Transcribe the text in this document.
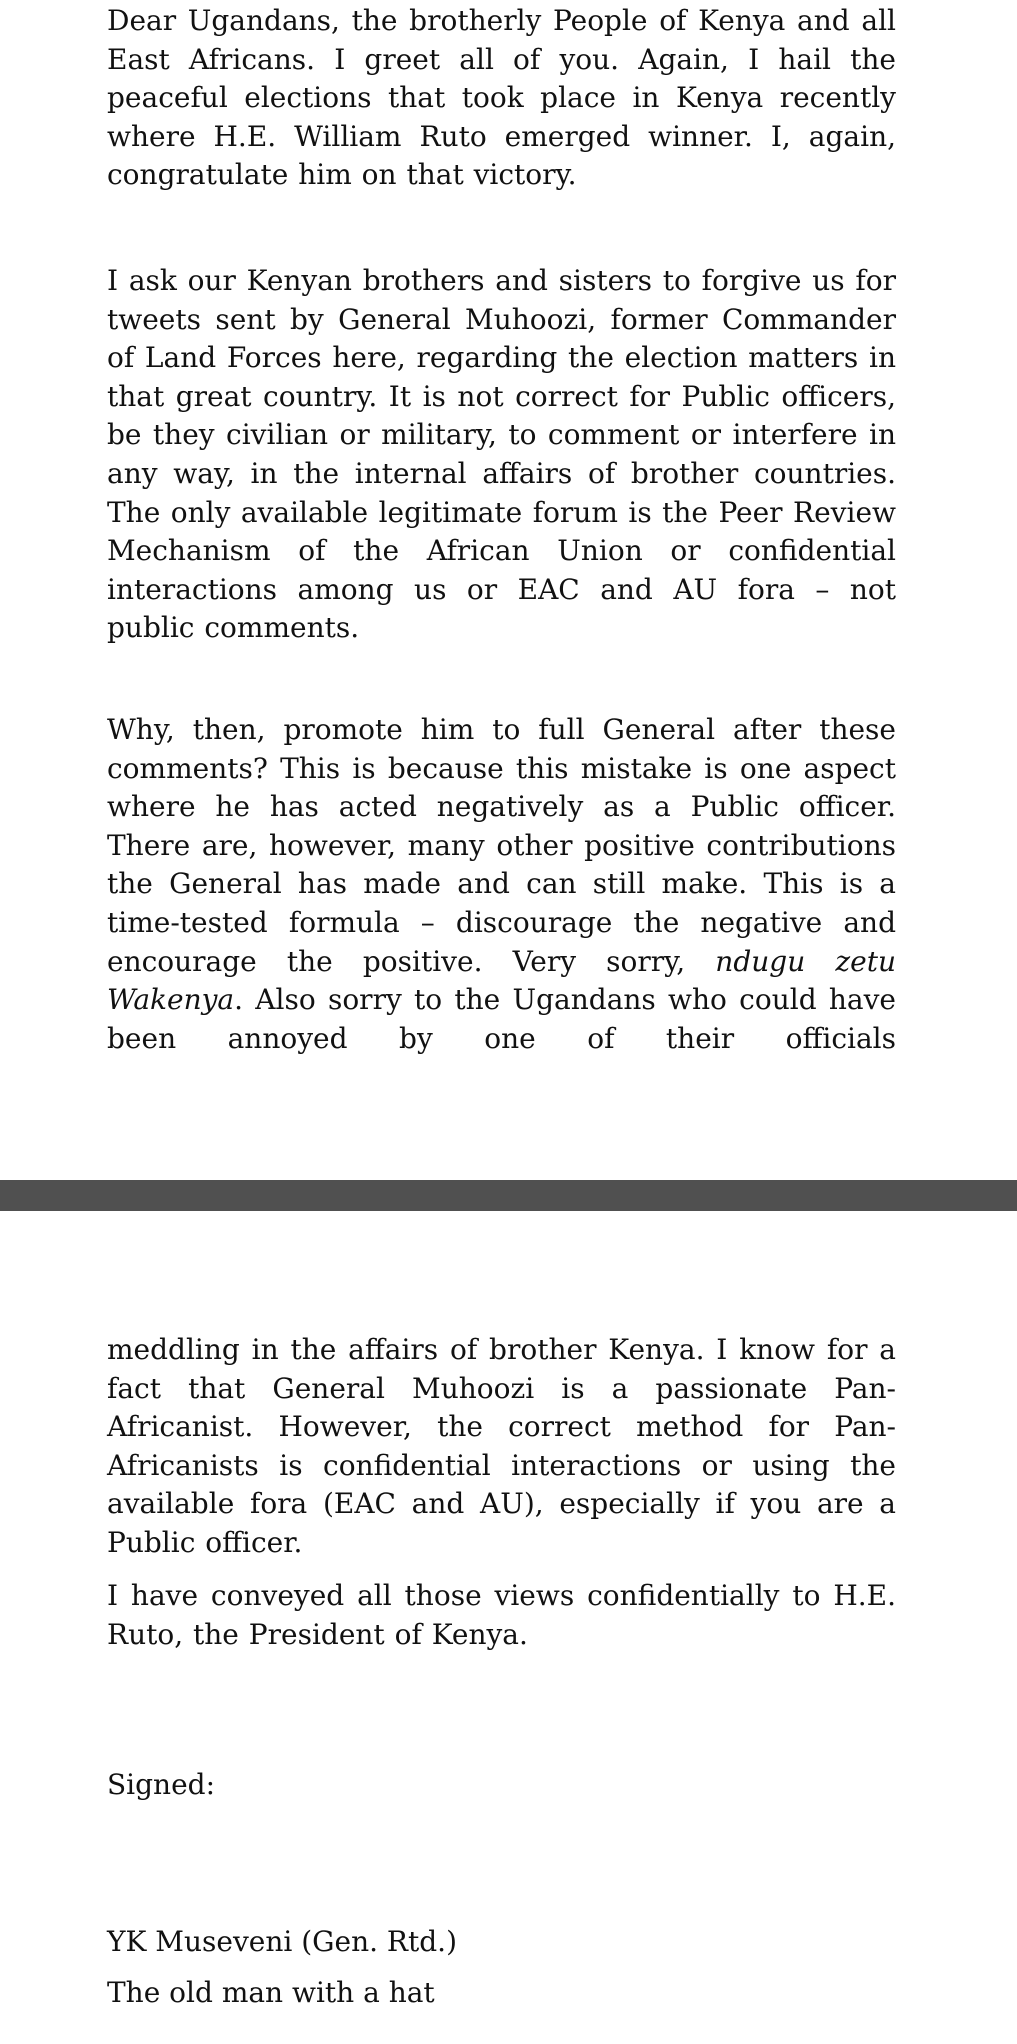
Dear Ugandans, the brotherly People of Kenya and all East Africans. I greet all of you. Again, I hail the peaceful elections that took place in Kenya recently where H.E. William Ruto emerged winner. I, again, congratulate him on that victory.

I ask our Kenyan brothers and sisters to forgive us for tweets sent by General Muhoozi, former Commander of Land Forces here, regarding the election matters in that great country. It is not correct for Public officers, be they civilian or military, to comment or interfere in any way, in the internal affairs of brother countries. The only available legitimate forum is the Peer Review Mechanism of the African Union or confidential interactions among us or EAC and AU fora – not public comments.

Why, then, promote him to full General after these comments? This is because this mistake is one aspect where he has acted negatively as a Public officer. There are, however, many other positive contributions the General has made and can still make. This is a time-tested formula – discourage the negative and encourage the positive. Very sorry, ndugu zetu Wakenya. Also sorry to the Ugandans who could have been annoyed by one of their officials

meddling in the affairs of brother Kenya. I know for a fact that General Muhoozi is a passionate Pan-Africanist. However, the correct method for Pan-Africanists is confidential interactions or using the available fora (EAC and AU), especially if you are a Public officer.

I have conveyed all those views confidentially to H.E. Ruto, the President of Kenya.

Signed:
YK Museveni (Gen. Rtd.)
The old man with a hat
